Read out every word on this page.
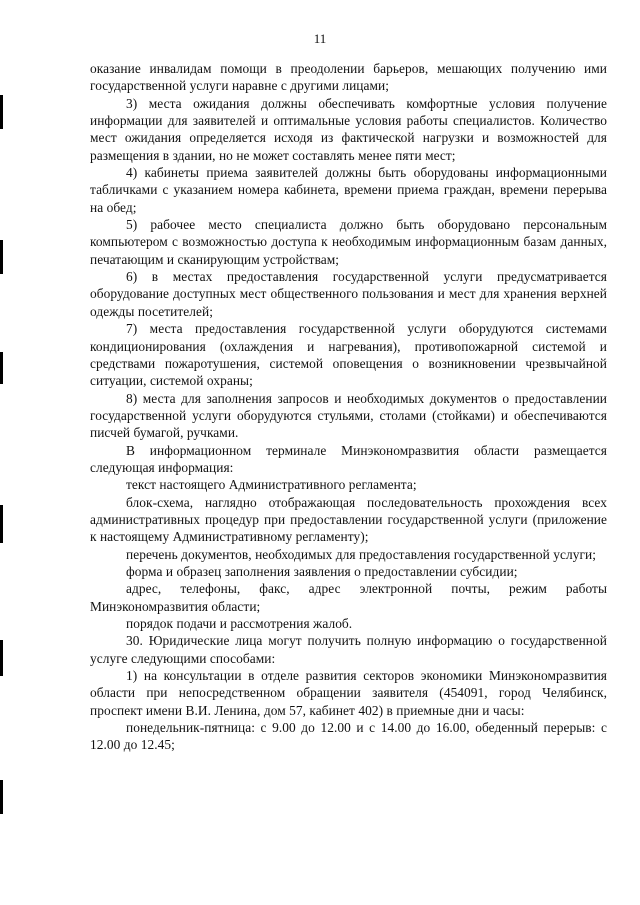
11

оказание инвалидам помощи в преодолении барьеров, мешающих получению ими государственной услуги наравне с другими лицами;

3) места ожидания должны обеспечивать комфортные условия получение информации для заявителей и оптимальные условия работы специалистов. Количество мест ожидания определяется исходя из фактической нагрузки и возможностей для размещения в здании, но не может составлять менее пяти мест;

4) кабинеты приема заявителей должны быть оборудованы информационными табличками с указанием номера кабинета, времени приема граждан, времени перерыва на обед;

5) рабочее место специалиста должно быть оборудовано персональным компьютером с возможностью доступа к необходимым информационным базам данных, печатающим и сканирующим устройствам;

6) в местах предоставления государственной услуги предусматривается оборудование доступных мест общественного пользования и мест для хранения верхней одежды посетителей;

7) места предоставления государственной услуги оборудуются системами кондиционирования (охлаждения и нагревания), противопожарной системой и средствами пожаротушения, системой оповещения о возникновении чрезвычайной ситуации, системой охраны;

8) места для заполнения запросов и необходимых документов о предоставлении государственной услуги оборудуются стульями, столами (стойками) и обеспечиваются писчей бумагой, ручками.

В информационном терминале Минэкономразвития области размещается следующая информация:

текст настоящего Административного регламента;

блок-схема, наглядно отображающая последовательность прохождения всех административных процедур при предоставлении государственной услуги (приложение к настоящему Административному регламенту);

перечень документов, необходимых для предоставления государственной услуги;

форма и образец заполнения заявления о предоставлении субсидии;

адрес, телефоны, факс, адрес электронной почты, режим работы Минэкономразвития области;

порядок подачи и рассмотрения жалоб.

30. Юридические лица могут получить полную информацию о государственной услуге следующими способами:

1) на консультации в отделе развития секторов экономики Минэкономразвития области при непосредственном обращении заявителя (454091, город Челябинск, проспект имени В.И. Ленина, дом 57, кабинет 402) в приемные дни и часы:

понедельник-пятница: с 9.00 до 12.00 и с 14.00 до 16.00, обеденный перерыв: с 12.00 до 12.45;
